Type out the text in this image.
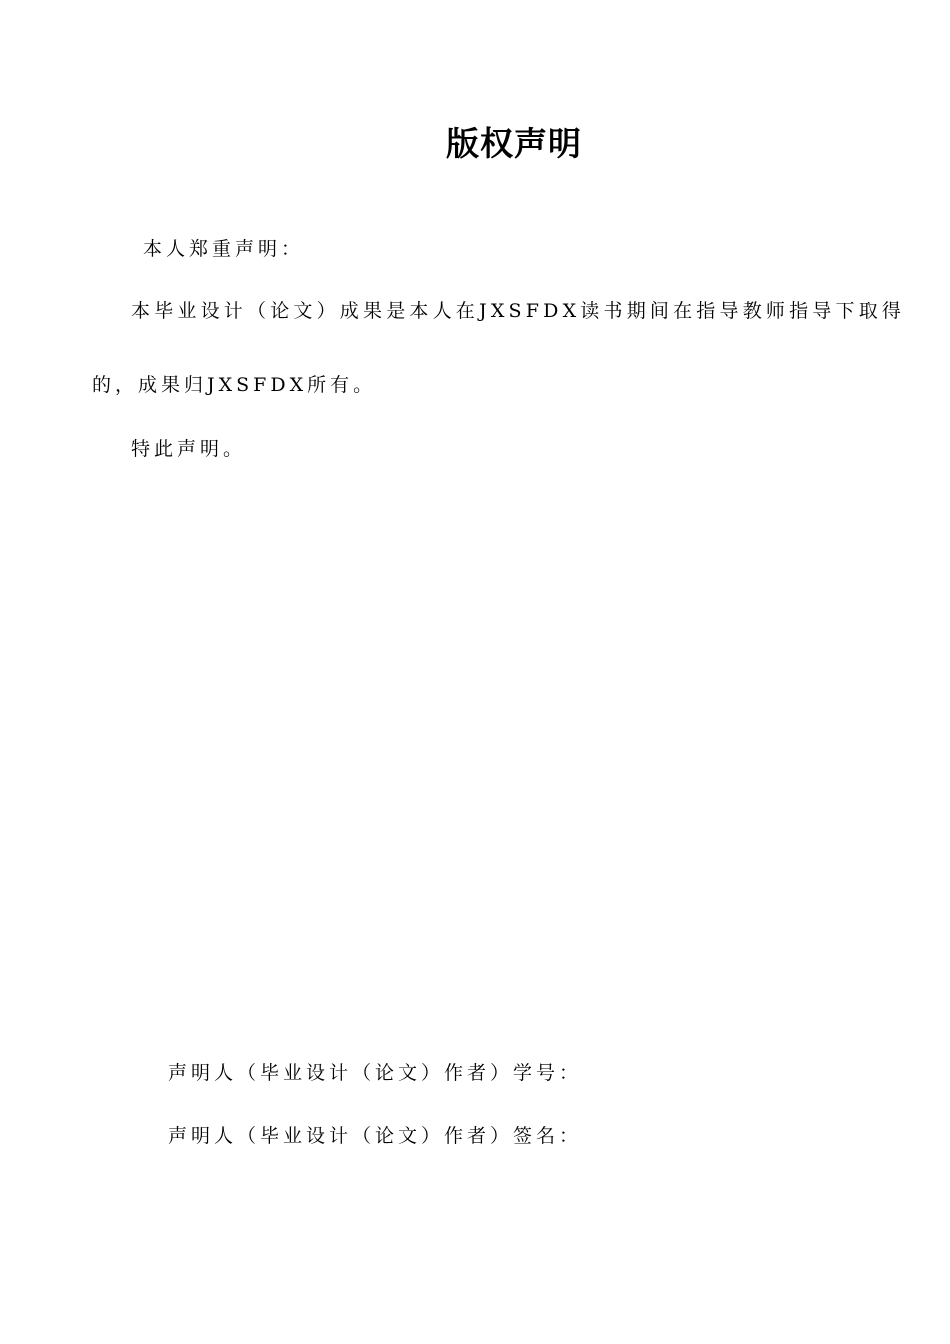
版权声明

本人郑重声明：

本毕业设计（论文）成果是本人在JXSFDX读书期间在指导教师指导下取得

的，成果归JXSFDX所有。

特此声明。

声明人（毕业设计（论文）作者）学号：

声明人（毕业设计（论文）作者）签名：
